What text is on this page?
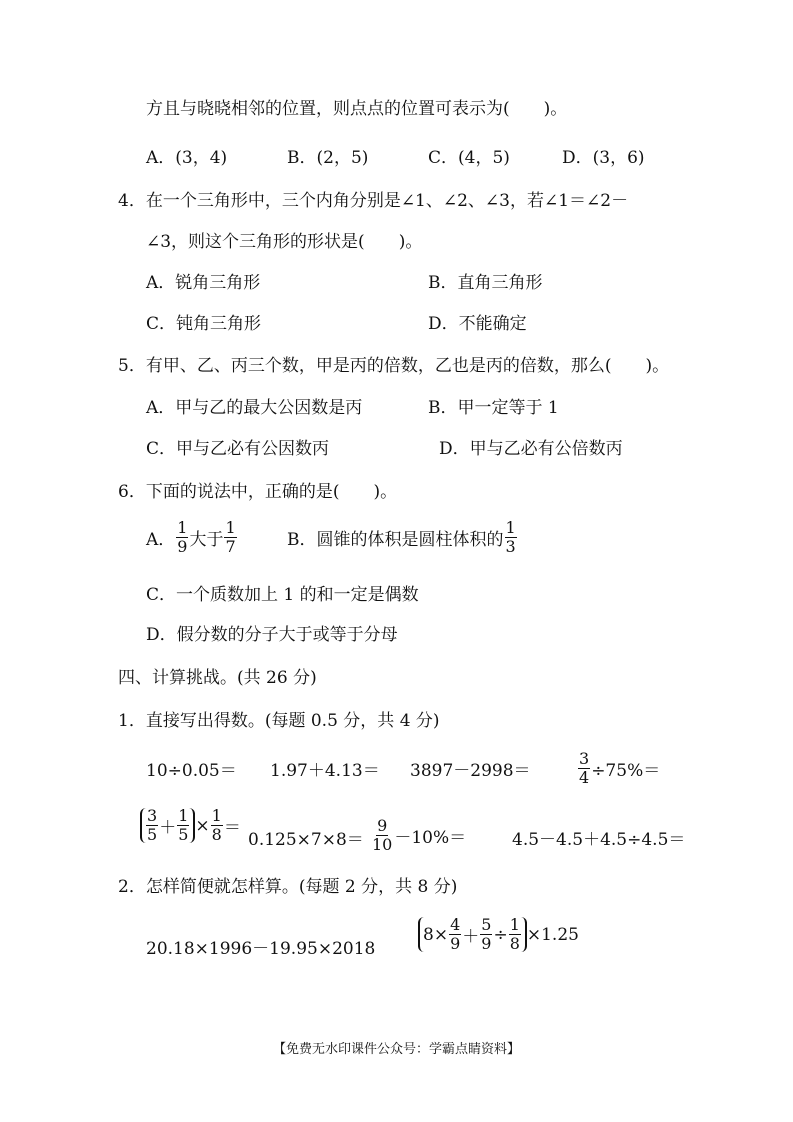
方且与晓晓相邻的位置，则点点的位置可表示为(　　)。
A．(3，4)	B．(2，5)	C．(4，5)	D．(3，6)
4．在一个三角形中，三个内角分别是∠1、∠2、∠3，若∠1＝∠2－
∠3，则这个三角形的形状是(　　)。
A．锐角三角形	B．直角三角形
C．钝角三角形	D．不能确定
5．有甲、乙、丙三个数，甲是丙的倍数，乙也是丙的倍数，那么(　　)。
A．甲与乙的最大公因数是丙	B．甲一定等于 1
C．甲与乙必有公因数丙	D．甲与乙必有公倍数丙
6．下面的说法中，正确的是(　　)。
A． $\frac{1}{9}$ 大于 $\frac{1}{7}$	B．圆锥的体积是圆柱体积的 $\frac{1}{3}$
C．一个质数加上 1 的和一定是偶数
D．假分数的分子大于或等于分母
四、计算挑战。(共 26 分)
1．直接写出得数。(每题 0.5 分，共 4 分)
10÷0.05＝ 1.97＋4.13＝ 3897－2998＝	$\frac{3}{4} \div 75\%=$
$\frac{3}{5} + \frac{1}{5} \times \frac{1}{8}$ ＝
$0.125\times 7\times 8= \frac{9}{10} -10\%=$	4.5－4.5＋4.5÷4.5＝
2．怎样简便就怎样算。(每题 2 分，共 8 分)
20.18×1996－19.95×2018
$8\times \frac{4}{9} + \frac{5}{9} \div \frac{1}{8} \times 1.25$
【免费无水印课件公众号：学霸点睛资料】
